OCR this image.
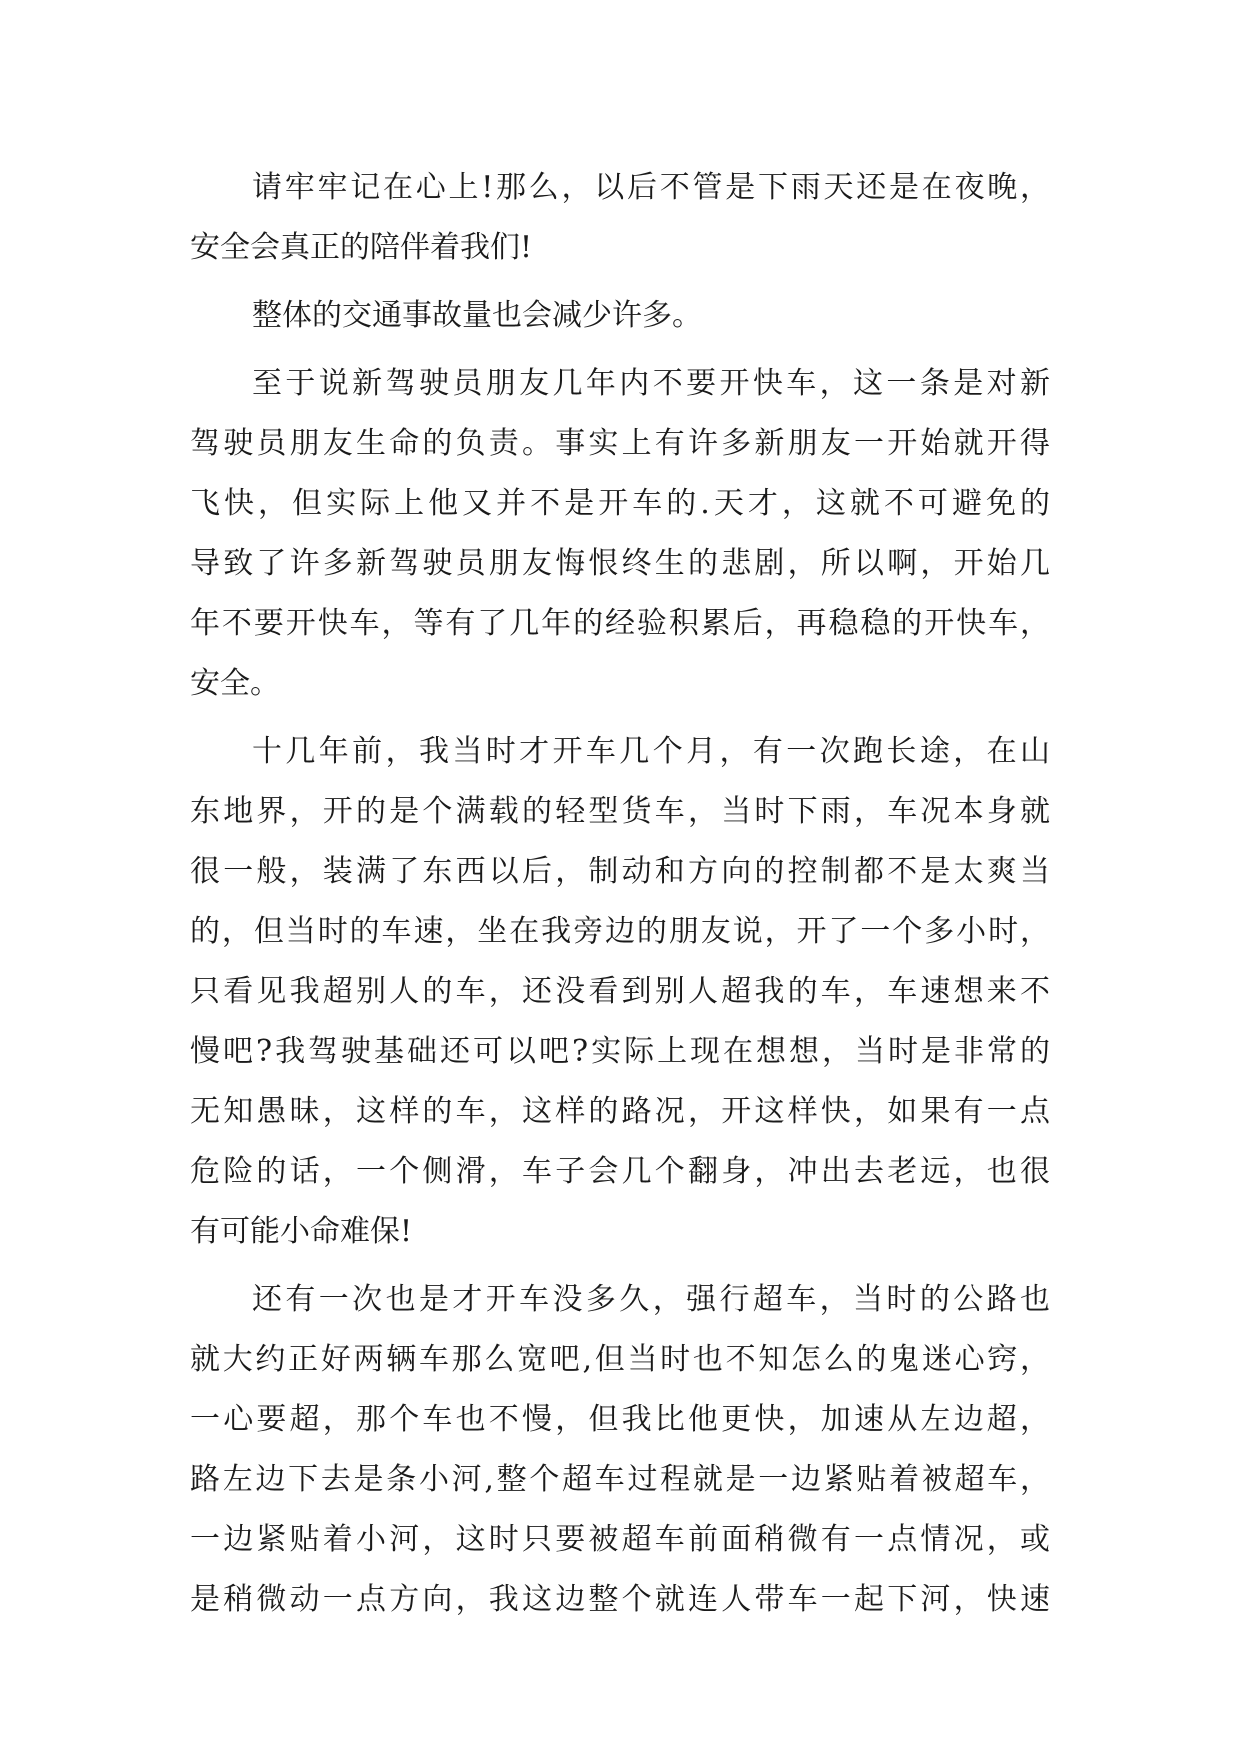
请牢牢记在心上!那么，以后不管是下雨天还是在夜晚，
安全会真正的陪伴着我们!
整体的交通事故量也会减少许多。
至于说新驾驶员朋友几年内不要开快车，这一条是对新
驾驶员朋友生命的负责。事实上有许多新朋友一开始就开得
飞快，但实际上他又并不是开车的.天才，这就不可避免的
导致了许多新驾驶员朋友悔恨终生的悲剧，所以啊，开始几
年不要开快车，等有了几年的经验积累后，再稳稳的开快车，
安全。
十几年前，我当时才开车几个月，有一次跑长途，在山
东地界，开的是个满载的轻型货车，当时下雨，车况本身就
很一般，装满了东西以后，制动和方向的控制都不是太爽当
的，但当时的车速，坐在我旁边的朋友说，开了一个多小时，
只看见我超别人的车，还没看到别人超我的车，车速想来不
慢吧?我驾驶基础还可以吧?实际上现在想想，当时是非常的
无知愚昧，这样的车，这样的路况，开这样快，如果有一点
危险的话，一个侧滑，车子会几个翻身，冲出去老远，也很
有可能小命难保!
还有一次也是才开车没多久，强行超车，当时的公路也
就大约正好两辆车那么宽吧,但当时也不知怎么的鬼迷心窍，
一心要超，那个车也不慢，但我比他更快，加速从左边超，
路左边下去是条小河,整个超车过程就是一边紧贴着被超车，
一边紧贴着小河，这时只要被超车前面稍微有一点情况，或
是稍微动一点方向，我这边整个就连人带车一起下河，快速
